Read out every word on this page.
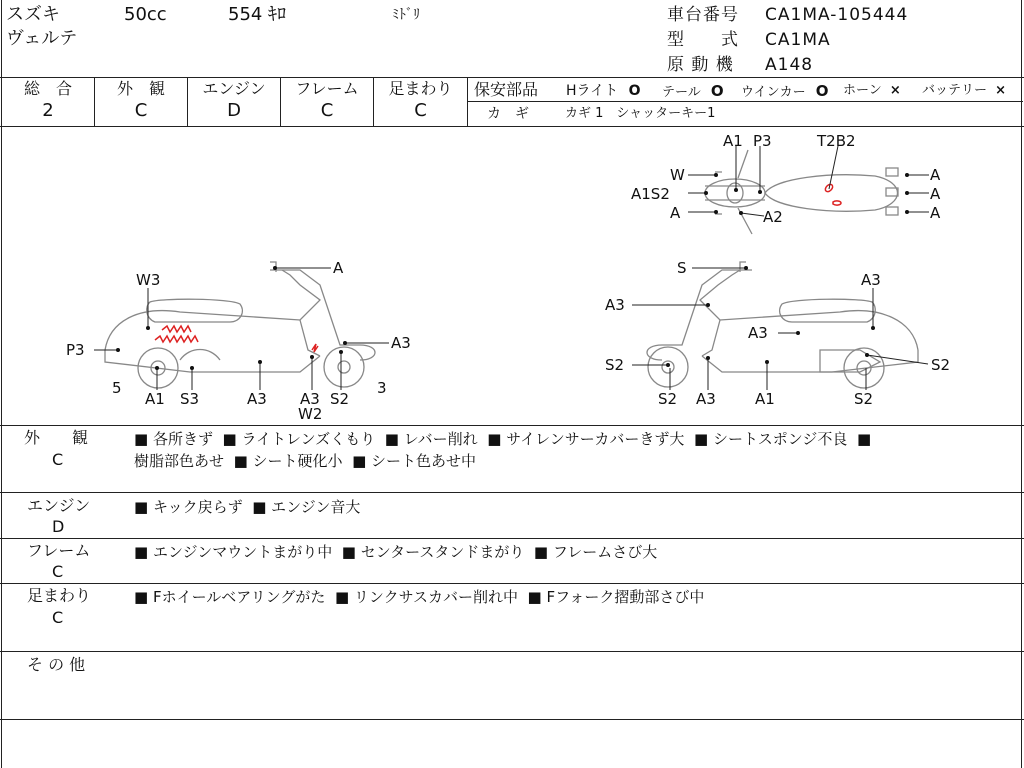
スズキ
ヴェルテ
50cc	554 ｷﾛ	ﾐﾄﾞﾘ	車台番号 CA1MA-105444
型　　式 CA1MA
原 動 機 A148
総　合
2
外　観
C
エンジン
D
フレーム
C
足まわり
C
保安部品 Hライト O テール O ウインカー O ホーン × バッテリー ×
カ　ギ	カギ 1　シャッターキー1
A1 P3	T2B2
W
A1S2
A	A2
A
A
A
A
W3
P3
5
A1 S3	A3 A3
W2
S2
A3
3
S
A3
A3
A3
S2	S2
A3	A1
S2	S2
外　　観
C
■ 各所きず ■ ライトレンズくもり ■ レバー削れ ■ サイレンサーカバーきず大 ■ シートスポンジ不良 ■
樹脂部色あせ ■ シート硬化小 ■ シート色あせ中
エンジン
D
■ キック戻らず ■ エンジン音大
フレーム
C
■ エンジンマウントまがり中 ■ センタースタンドまがり ■ フレームさび大
足まわり
C
■ Fホイールベアリングがた ■ リンクサスカバー削れ中 ■ Fフォーク摺動部さび中
そ の 他
